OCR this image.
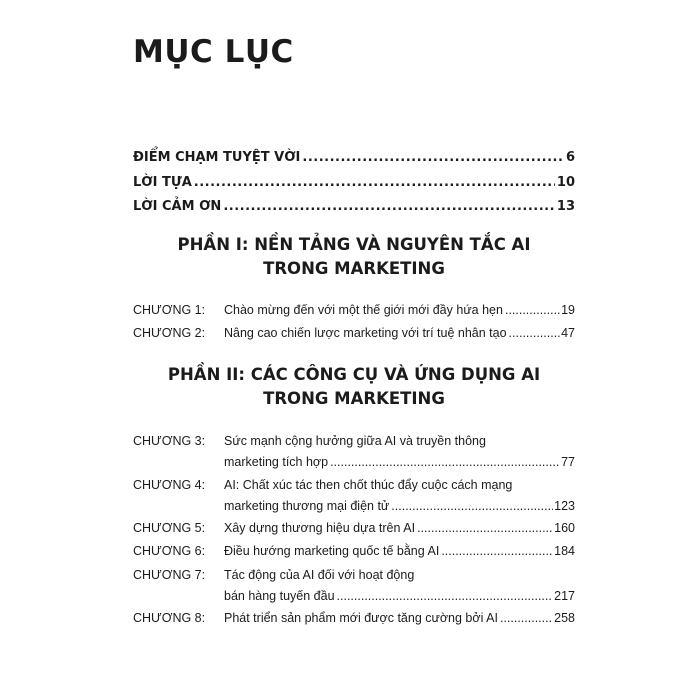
MỤC LỤC
ĐIỂM CHẠM TUYỆT VỜI .....	6
LỜI TỰA .....	10
LỜI CẢM ƠN .....	13
PHẦN I: NỀN TẢNG VÀ NGUYÊN TẮC AI
TRONG MARKETING
CHƯƠNG 1: Chào mừng đến với một thế giới mới đầy hứa hẹn .....	19
CHƯƠNG 2: Nâng cao chiến lược marketing với trí tuệ nhân tạo .....	47
PHẦN II: CÁC CÔNG CỤ VÀ ỨNG DỤNG AI
TRONG MARKETING
CHƯƠNG 3: Sức mạnh cộng hưởng giữa AI và truyền thông
marketing tích hợp .....	77
CHƯƠNG 4: AI: Chất xúc tác then chốt thúc đẩy cuộc cách mạng
marketing thương mại điện tử .....	123
CHƯƠNG 5: Xây dựng thương hiệu dựa trên AI .....	160
CHƯƠNG 6: Điều hướng marketing quốc tế bằng AI .....	184
CHƯƠNG 7: Tác động của AI đối với hoạt động
bán hàng tuyến đầu .....	217
CHƯƠNG 8: Phát triển sản phẩm mới được tăng cường bởi AI .....	258
